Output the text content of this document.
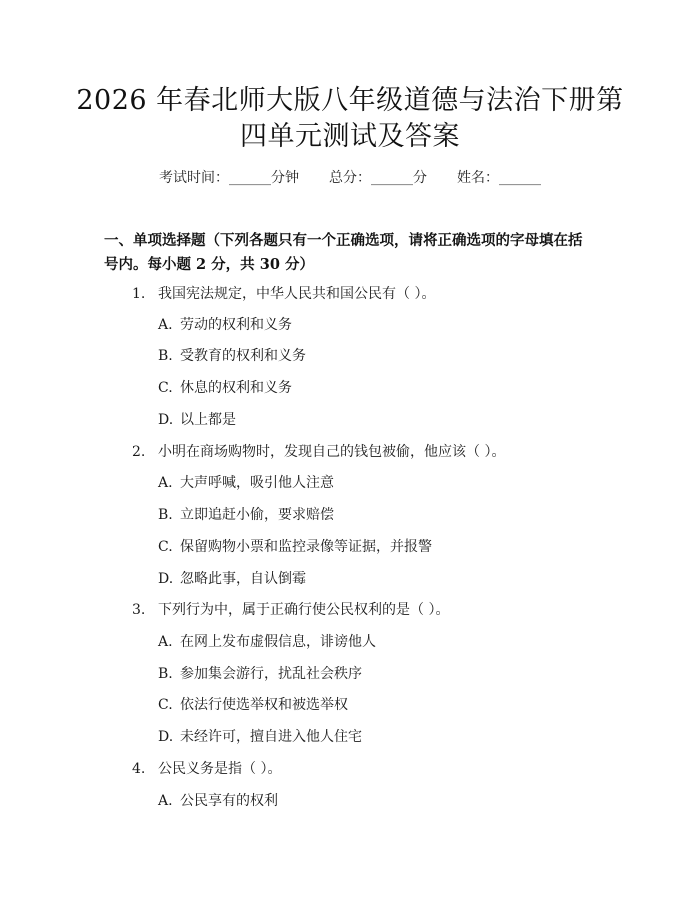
2026 年春北师大版八年级道德与法治下册第
四单元测试及答案
考试时间：______分钟 总分：______分 姓名：______
一、单项选择题（下列各题只有一个正确选项，请将正确选项的字母填在括号内。每小题 2 分，共 30 分）
1. 我国宪法规定，中华人民共和国公民有（ ）。
A. 劳动的权利和义务
B. 受教育的权利和义务
C. 休息的权利和义务
D. 以上都是
2. 小明在商场购物时，发现自己的钱包被偷，他应该（ ）。
A. 大声呼喊，吸引他人注意
B. 立即追赶小偷，要求赔偿
C. 保留购物小票和监控录像等证据，并报警
D. 忽略此事，自认倒霉
3. 下列行为中，属于正确行使公民权利的是（ ）。
A. 在网上发布虚假信息，诽谤他人
B. 参加集会游行，扰乱社会秩序
C. 依法行使选举权和被选举权
D. 未经许可，擅自进入他人住宅
4. 公民义务是指（ ）。
A. 公民享有的权利
